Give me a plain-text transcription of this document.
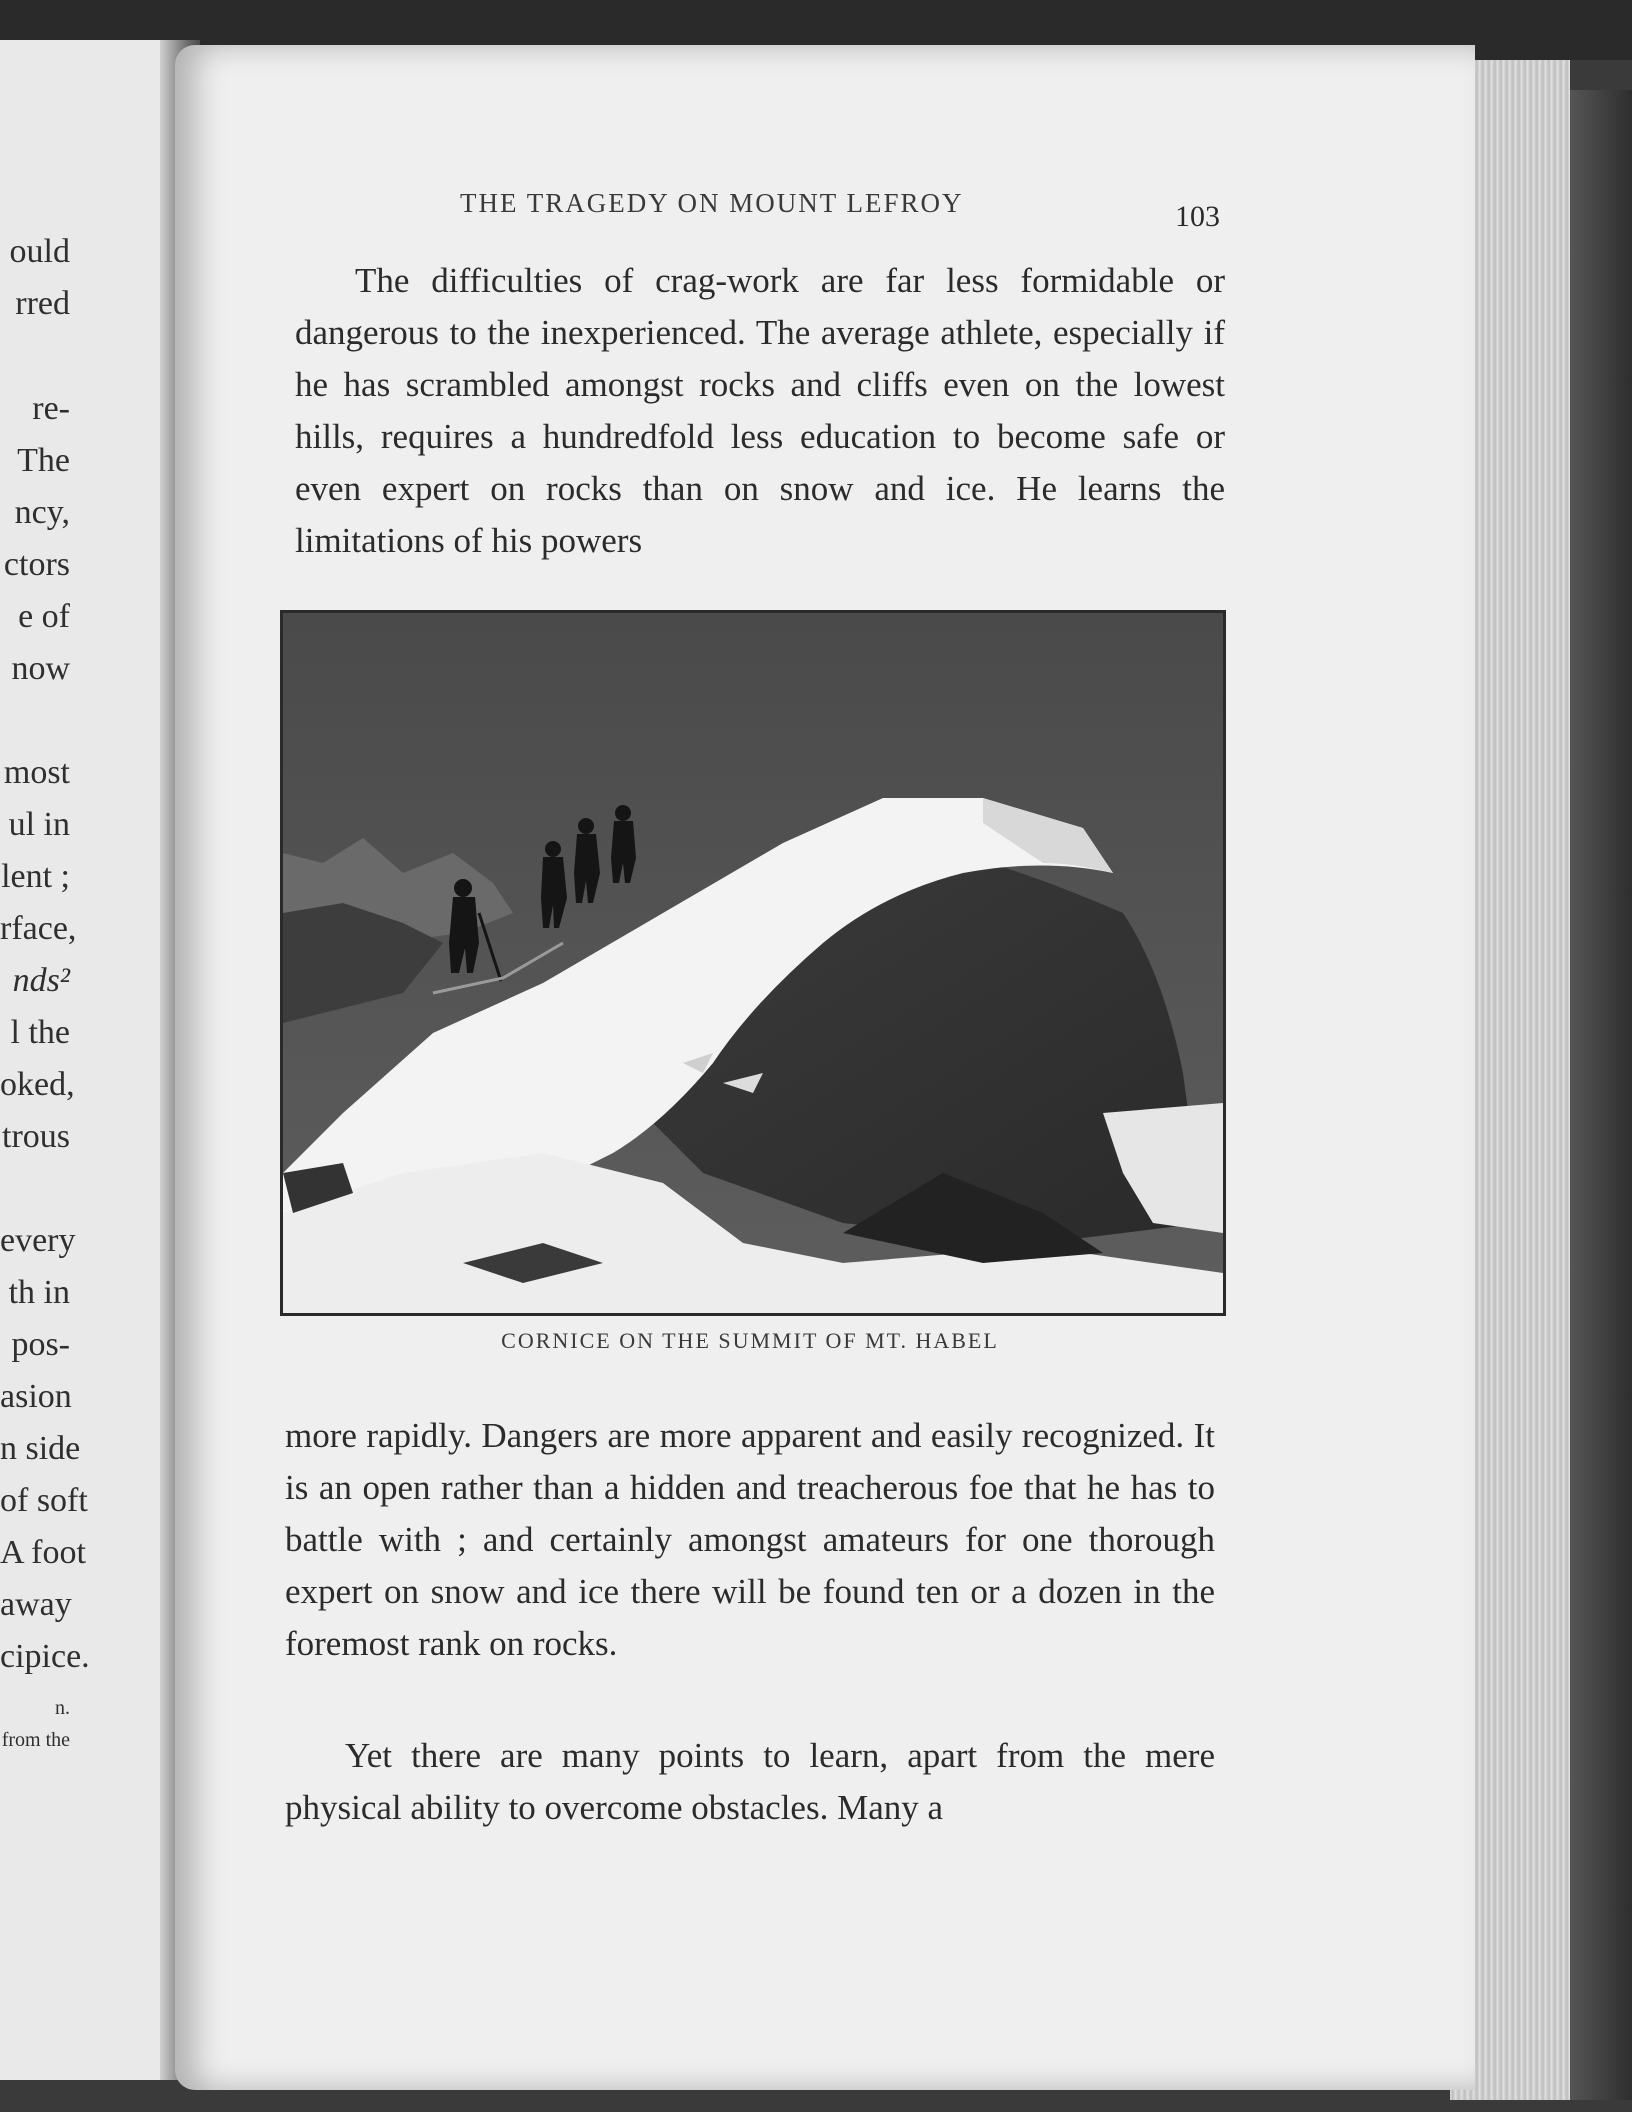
ould
rred
re-
The
ncy,
ctors
e of
now
most
ul in
lent ;
rface,
nds²
l the
oked,
trous
every
th in
pos-
asion
n side
of soft
A foot
away
cipice.
n.
from the
THE TRAGEDY ON MOUNT LEFROY	103

The difficulties of crag-work are far less formidable or dangerous to the inexperienced. The average athlete, especially if he has scrambled amongst rocks and cliffs even on the lowest hills, requires a hundredfold less education to become safe or even expert on rocks than on snow and ice. He learns the limitations of his powers

CORNICE ON THE SUMMIT OF MT. HABEL

more rapidly. Dangers are more apparent and easily recognized. It is an open rather than a hidden and treacherous foe that he has to battle with ; and certainly amongst amateurs for one thorough expert on snow and ice there will be found ten or a dozen in the foremost rank on rocks.

Yet there are many points to learn, apart from the mere physical ability to overcome obstacles. Many a
